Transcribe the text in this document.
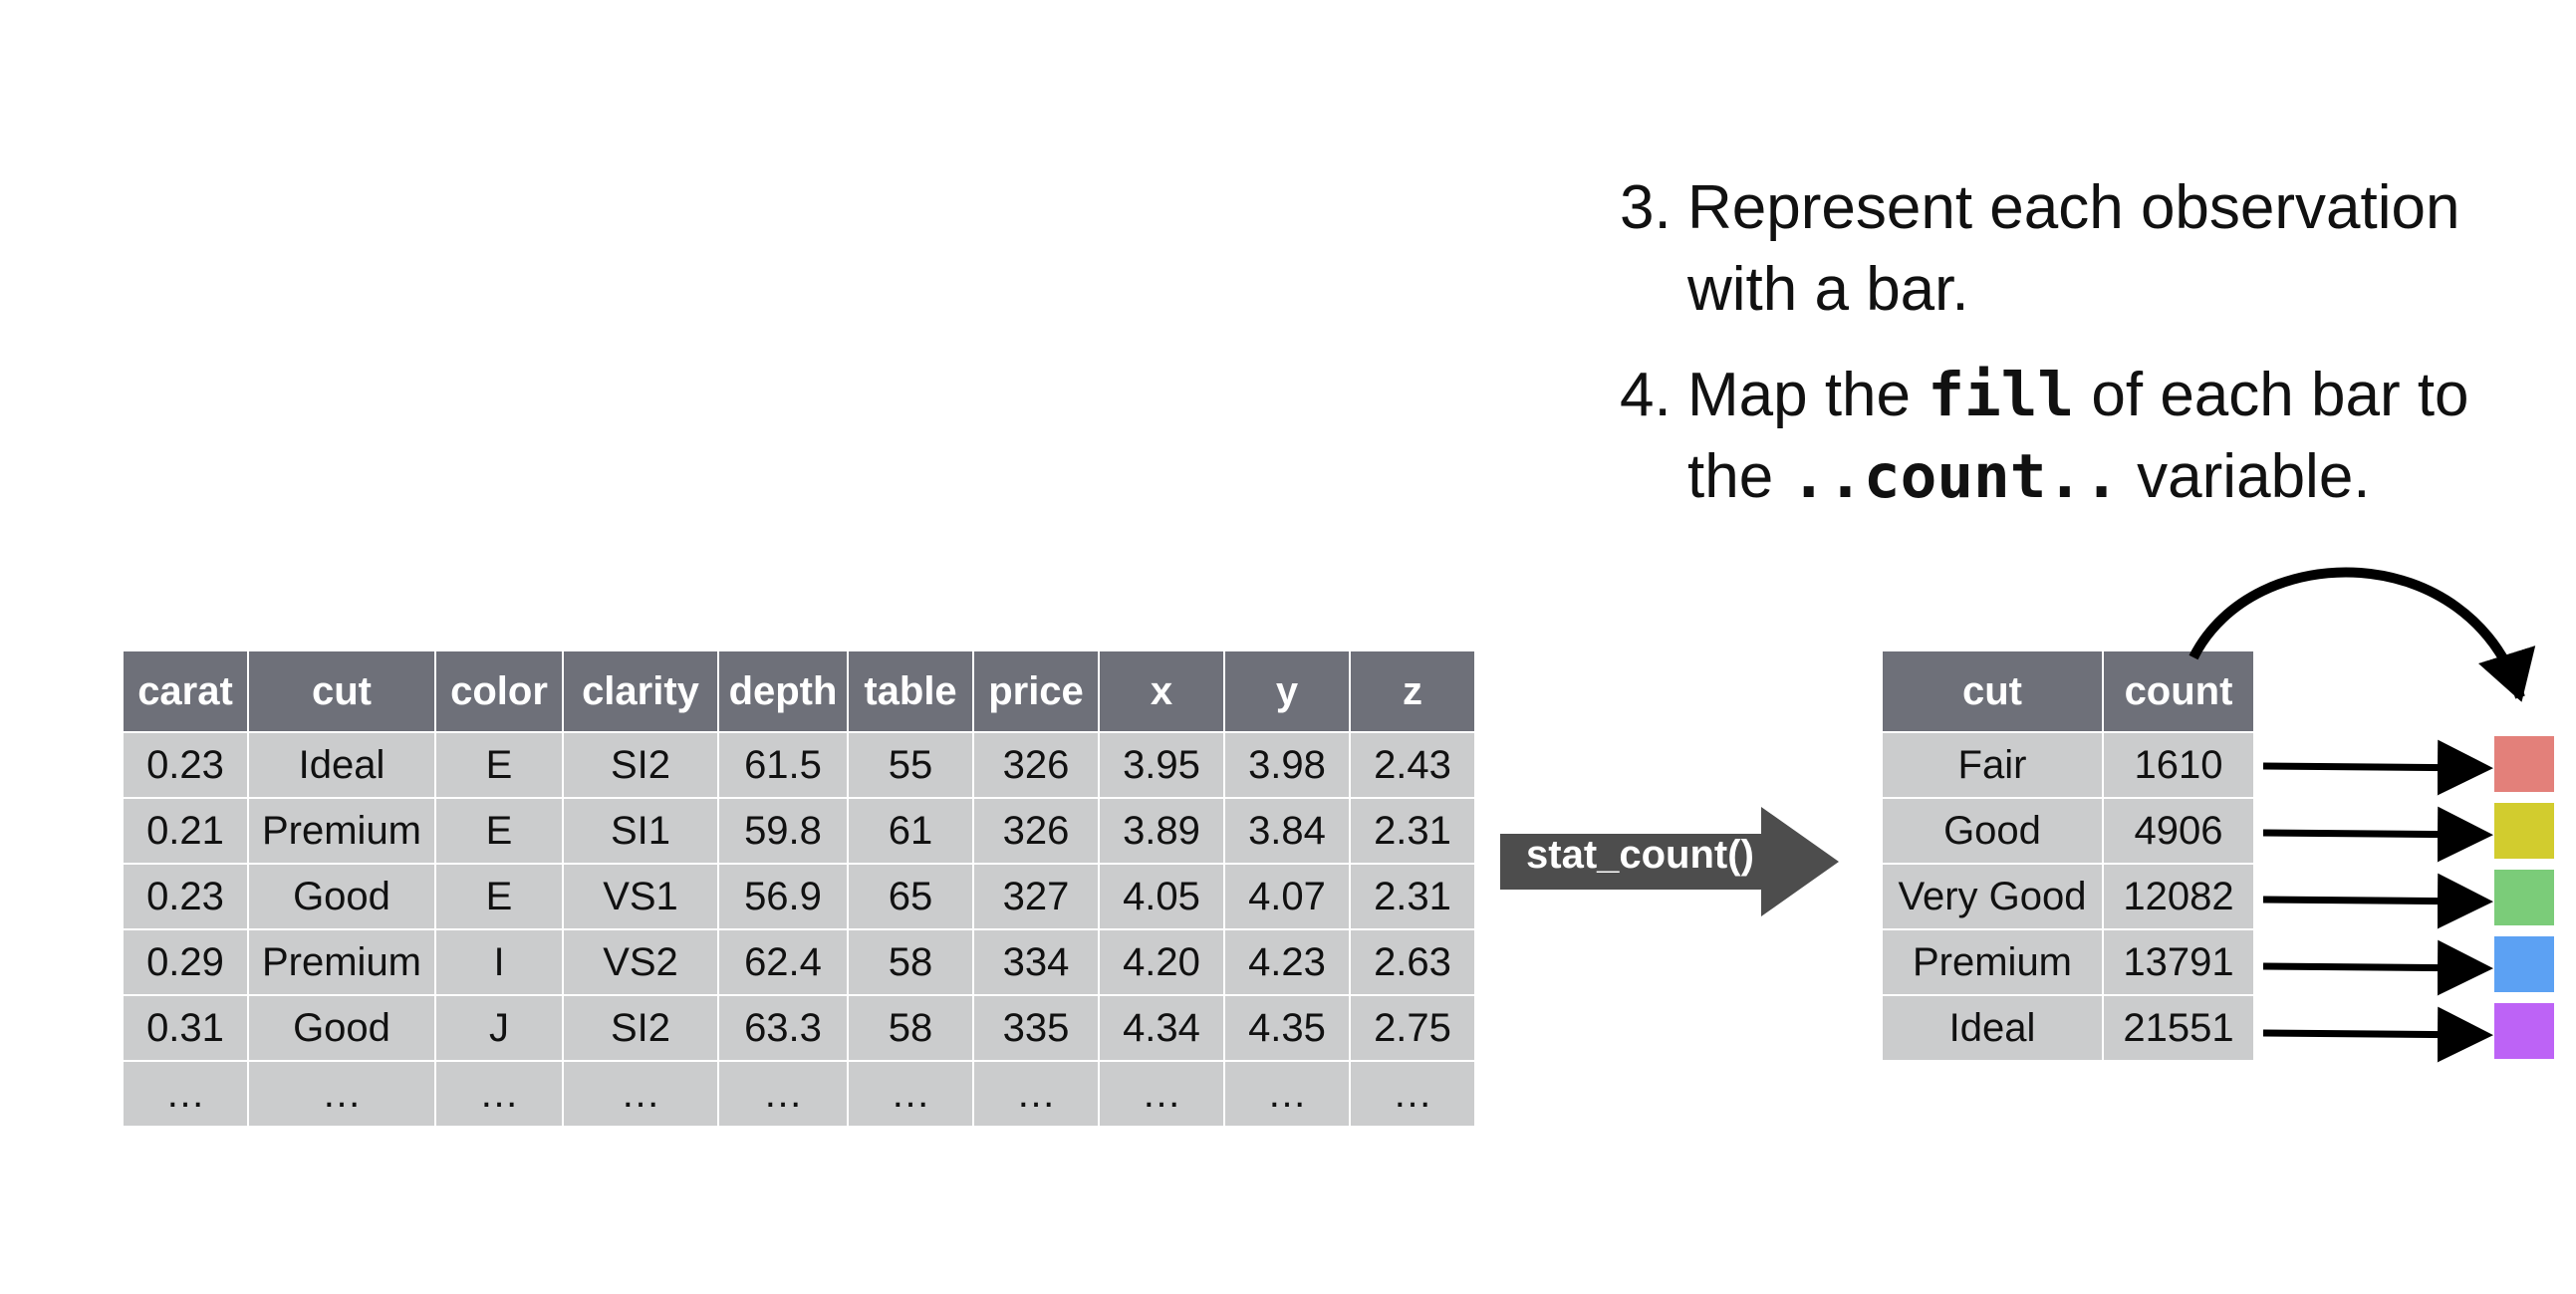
3. Represent each observation
with a bar.
4. Map the fill of each bar to
the ..count.. variable.
carat	cut	color	clarity	depth	table	price	x	y	z
0.23	Ideal	E	SI2	61.5	55	326	3.95	3.98	2.43
0.21	Premium	E	SI1	59.8	61	326	3.89	3.84	2.31
0.23	Good	E	VS1	56.9	65	327	4.05	4.07	2.31
0.29	Premium	I	VS2	62.4	58	334	4.20	4.23	2.63
0.31	Good	J	SI2	63.3	58	335	4.34	4.35	2.75
…	…	…	…	…	…	…	…	…	…
stat_count()
cut	count
Fair	1610
Good	4906
Very Good	12082
Premium	13791
Ideal	21551
